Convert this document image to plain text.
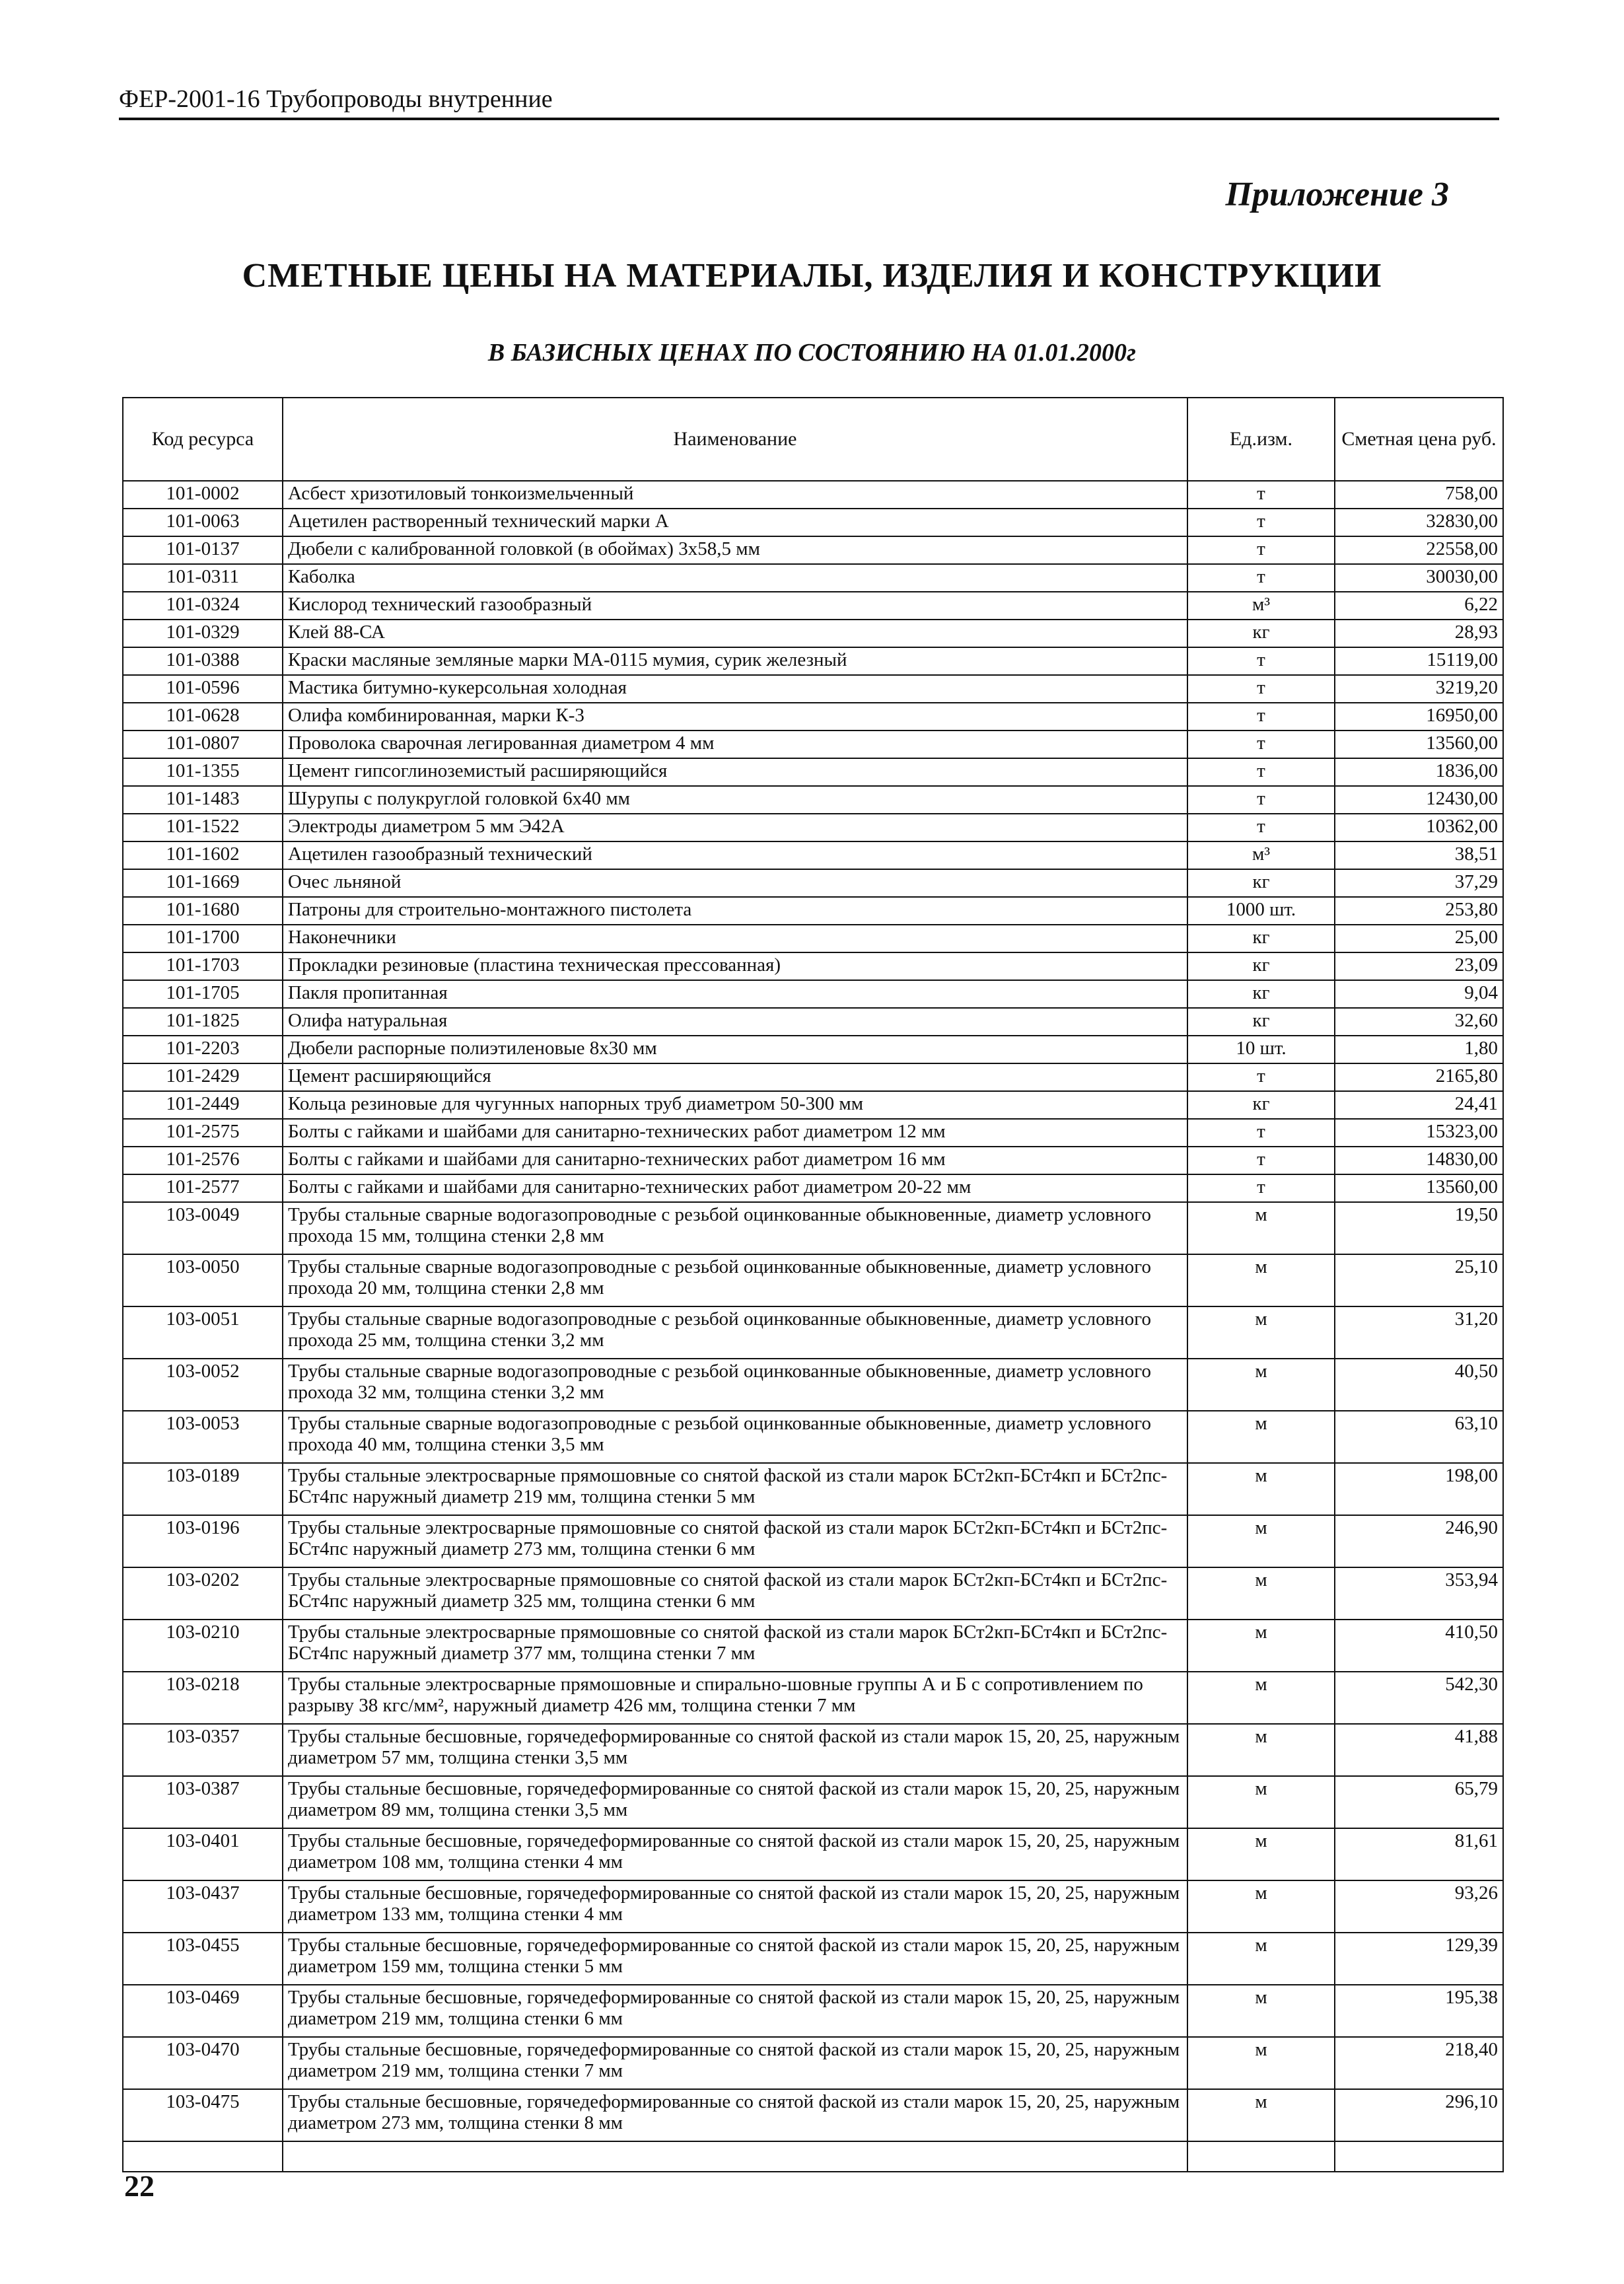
ФЕР-2001-16 Трубопроводы внутренние
Приложение 3
СМЕТНЫЕ ЦЕНЫ НА МАТЕРИАЛЫ, ИЗДЕЛИЯ И КОНСТРУКЦИИ
В БАЗИСНЫХ ЦЕНАХ ПО СОСТОЯНИЮ НА 01.01.2000г
Код ресурса	Наименование	Ед.изм.	Сметная цена руб.
101-0002	Асбест хризотиловый тонкоизмельченный	т	758,00
101-0063	Ацетилен растворенный технический марки А	т	32830,00
101-0137	Дюбели с калиброванной головкой (в обоймах) 3х58,5 мм	т	22558,00
101-0311	Каболка	т	30030,00
101-0324	Кислород технический газообразный	м³	6,22
101-0329	Клей 88-СА	кг	28,93
101-0388	Краски масляные земляные марки МА-0115 мумия, сурик железный	т	15119,00
101-0596	Мастика битумно-кукерсольная холодная	т	3219,20
101-0628	Олифа комбинированная, марки К-3	т	16950,00
101-0807	Проволока сварочная легированная диаметром 4 мм	т	13560,00
101-1355	Цемент гипсоглиноземистый расширяющийся	т	1836,00
101-1483	Шурупы с полукруглой головкой 6х40 мм	т	12430,00
101-1522	Электроды диаметром 5 мм Э42А	т	10362,00
101-1602	Ацетилен газообразный технический	м³	38,51
101-1669	Очес льняной	кг	37,29
101-1680	Патроны для строительно-монтажного пистолета	1000 шт.	253,80
101-1700	Наконечники	кг	25,00
101-1703	Прокладки резиновые (пластина техническая прессованная)	кг	23,09
101-1705	Пакля пропитанная	кг	9,04
101-1825	Олифа натуральная	кг	32,60
101-2203	Дюбели распорные полиэтиленовые 8х30 мм	10 шт.	1,80
101-2429	Цемент расширяющийся	т	2165,80
101-2449	Кольца резиновые для чугунных напорных труб диаметром 50-300 мм	кг	24,41
101-2575	Болты с гайками и шайбами для санитарно-технических работ диаметром 12 мм	т	15323,00
101-2576	Болты с гайками и шайбами для санитарно-технических работ диаметром 16 мм	т	14830,00
101-2577	Болты с гайками и шайбами для санитарно-технических работ диаметром 20-22 мм	т	13560,00
103-0049	Трубы стальные сварные водогазопроводные с резьбой оцинкованные обыкновенные, диаметр условного прохода 15 мм, толщина стенки 2,8 мм	м	19,50
103-0050	Трубы стальные сварные водогазопроводные с резьбой оцинкованные обыкновенные, диаметр условного прохода 20 мм, толщина стенки 2,8 мм	м	25,10
103-0051	Трубы стальные сварные водогазопроводные с резьбой оцинкованные обыкновенные, диаметр условного прохода 25 мм, толщина стенки 3,2 мм	м	31,20
103-0052	Трубы стальные сварные водогазопроводные с резьбой оцинкованные обыкновенные, диаметр условного прохода 32 мм, толщина стенки 3,2 мм	м	40,50
103-0053	Трубы стальные сварные водогазопроводные с резьбой оцинкованные обыкновенные, диаметр условного прохода 40 мм, толщина стенки 3,5 мм	м	63,10
103-0189	Трубы стальные электросварные прямошовные со снятой фаской из стали марок БСт2кп-БСт4кп и БСт2пс-БСт4пс наружный диаметр 219 мм, толщина стенки 5 мм	м	198,00
103-0196	Трубы стальные электросварные прямошовные со снятой фаской из стали марок БСт2кп-БСт4кп и БСт2пс-БСт4пс наружный диаметр 273 мм, толщина стенки 6 мм	м	246,90
103-0202	Трубы стальные электросварные прямошовные со снятой фаской из стали марок БСт2кп-БСт4кп и БСт2пс-БСт4пс наружный диаметр 325 мм, толщина стенки 6 мм	м	353,94
103-0210	Трубы стальные электросварные прямошовные со снятой фаской из стали марок БСт2кп-БСт4кп и БСт2пс-БСт4пс наружный диаметр 377 мм, толщина стенки 7 мм	м	410,50
103-0218	Трубы стальные электросварные прямошовные и спирально-шовные группы А и Б с сопротивлением по разрыву 38 кгс/мм², наружный диаметр 426 мм, толщина стенки 7 мм	м	542,30
103-0357	Трубы стальные бесшовные, горячедеформированные со снятой фаской из стали марок 15, 20, 25, наружным диаметром 57 мм, толщина стенки 3,5 мм	м	41,88
103-0387	Трубы стальные бесшовные, горячедеформированные со снятой фаской из стали марок 15, 20, 25, наружным диаметром 89 мм, толщина стенки 3,5 мм	м	65,79
103-0401	Трубы стальные бесшовные, горячедеформированные со снятой фаской из стали марок 15, 20, 25, наружным диаметром 108 мм, толщина стенки 4 мм	м	81,61
103-0437	Трубы стальные бесшовные, горячедеформированные со снятой фаской из стали марок 15, 20, 25, наружным диаметром 133 мм, толщина стенки 4 мм	м	93,26
103-0455	Трубы стальные бесшовные, горячедеформированные со снятой фаской из стали марок 15, 20, 25, наружным диаметром 159 мм, толщина стенки 5 мм	м	129,39
103-0469	Трубы стальные бесшовные, горячедеформированные со снятой фаской из стали марок 15, 20, 25, наружным диаметром 219 мм, толщина стенки 6 мм	м	195,38
103-0470	Трубы стальные бесшовные, горячедеформированные со снятой фаской из стали марок 15, 20, 25, наружным диаметром 219 мм, толщина стенки 7 мм	м	218,40
103-0475	Трубы стальные бесшовные, горячедеформированные со снятой фаской из стали марок 15, 20, 25, наружным диаметром 273 мм, толщина стенки 8 мм	м	296,10

22
